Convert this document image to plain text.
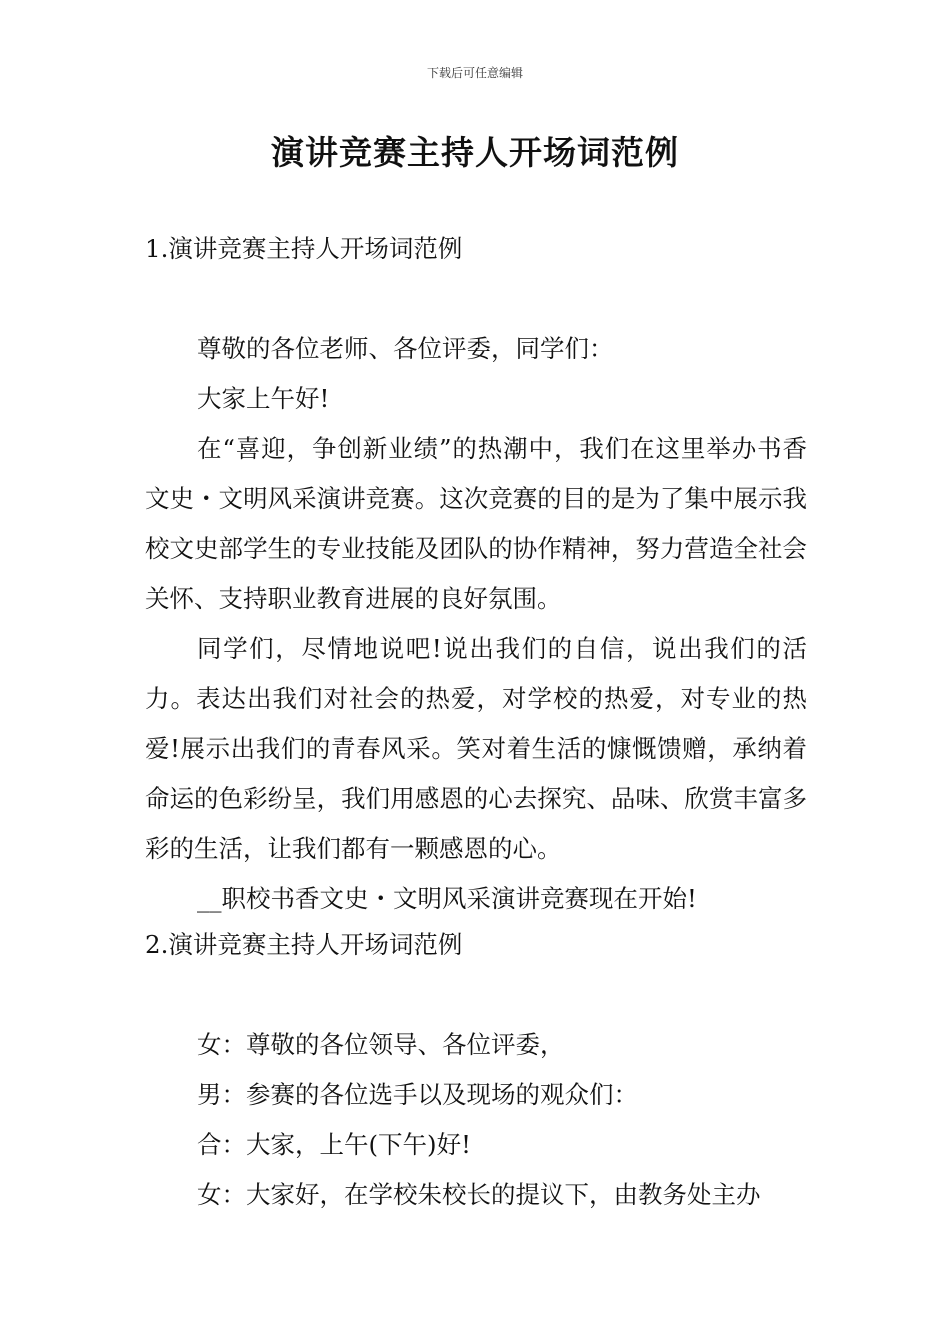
下载后可任意编辑
演讲竞赛主持人开场词范例
1.演讲竞赛主持人开场词范例

尊敬的各位老师、各位评委，同学们：

大家上午好!

在“喜迎，争创新业绩”的热潮中，我们在这里举办书香文史・文明风采演讲竞赛。这次竞赛的目的是为了集中展示我校文史部学生的专业技能及团队的协作精神，努力营造全社会关怀、支持职业教育进展的良好氛围。

同学们，尽情地说吧!说出我们的自信，说出我们的活力。表达出我们对社会的热爱，对学校的热爱，对专业的热爱!展示出我们的青春风采。笑对着生活的慷慨馈赠，承纳着命运的色彩纷呈，我们用感恩的心去探究、品味、欣赏丰富多彩的生活，让我们都有一颗感恩的心。

__职校书香文史・文明风采演讲竞赛现在开始!

2.演讲竞赛主持人开场词范例

女：尊敬的各位领导、各位评委，

男：参赛的各位选手以及现场的观众们：

合：大家，上午(下午)好!

女：大家好，在学校朱校长的提议下，由教务处主办
